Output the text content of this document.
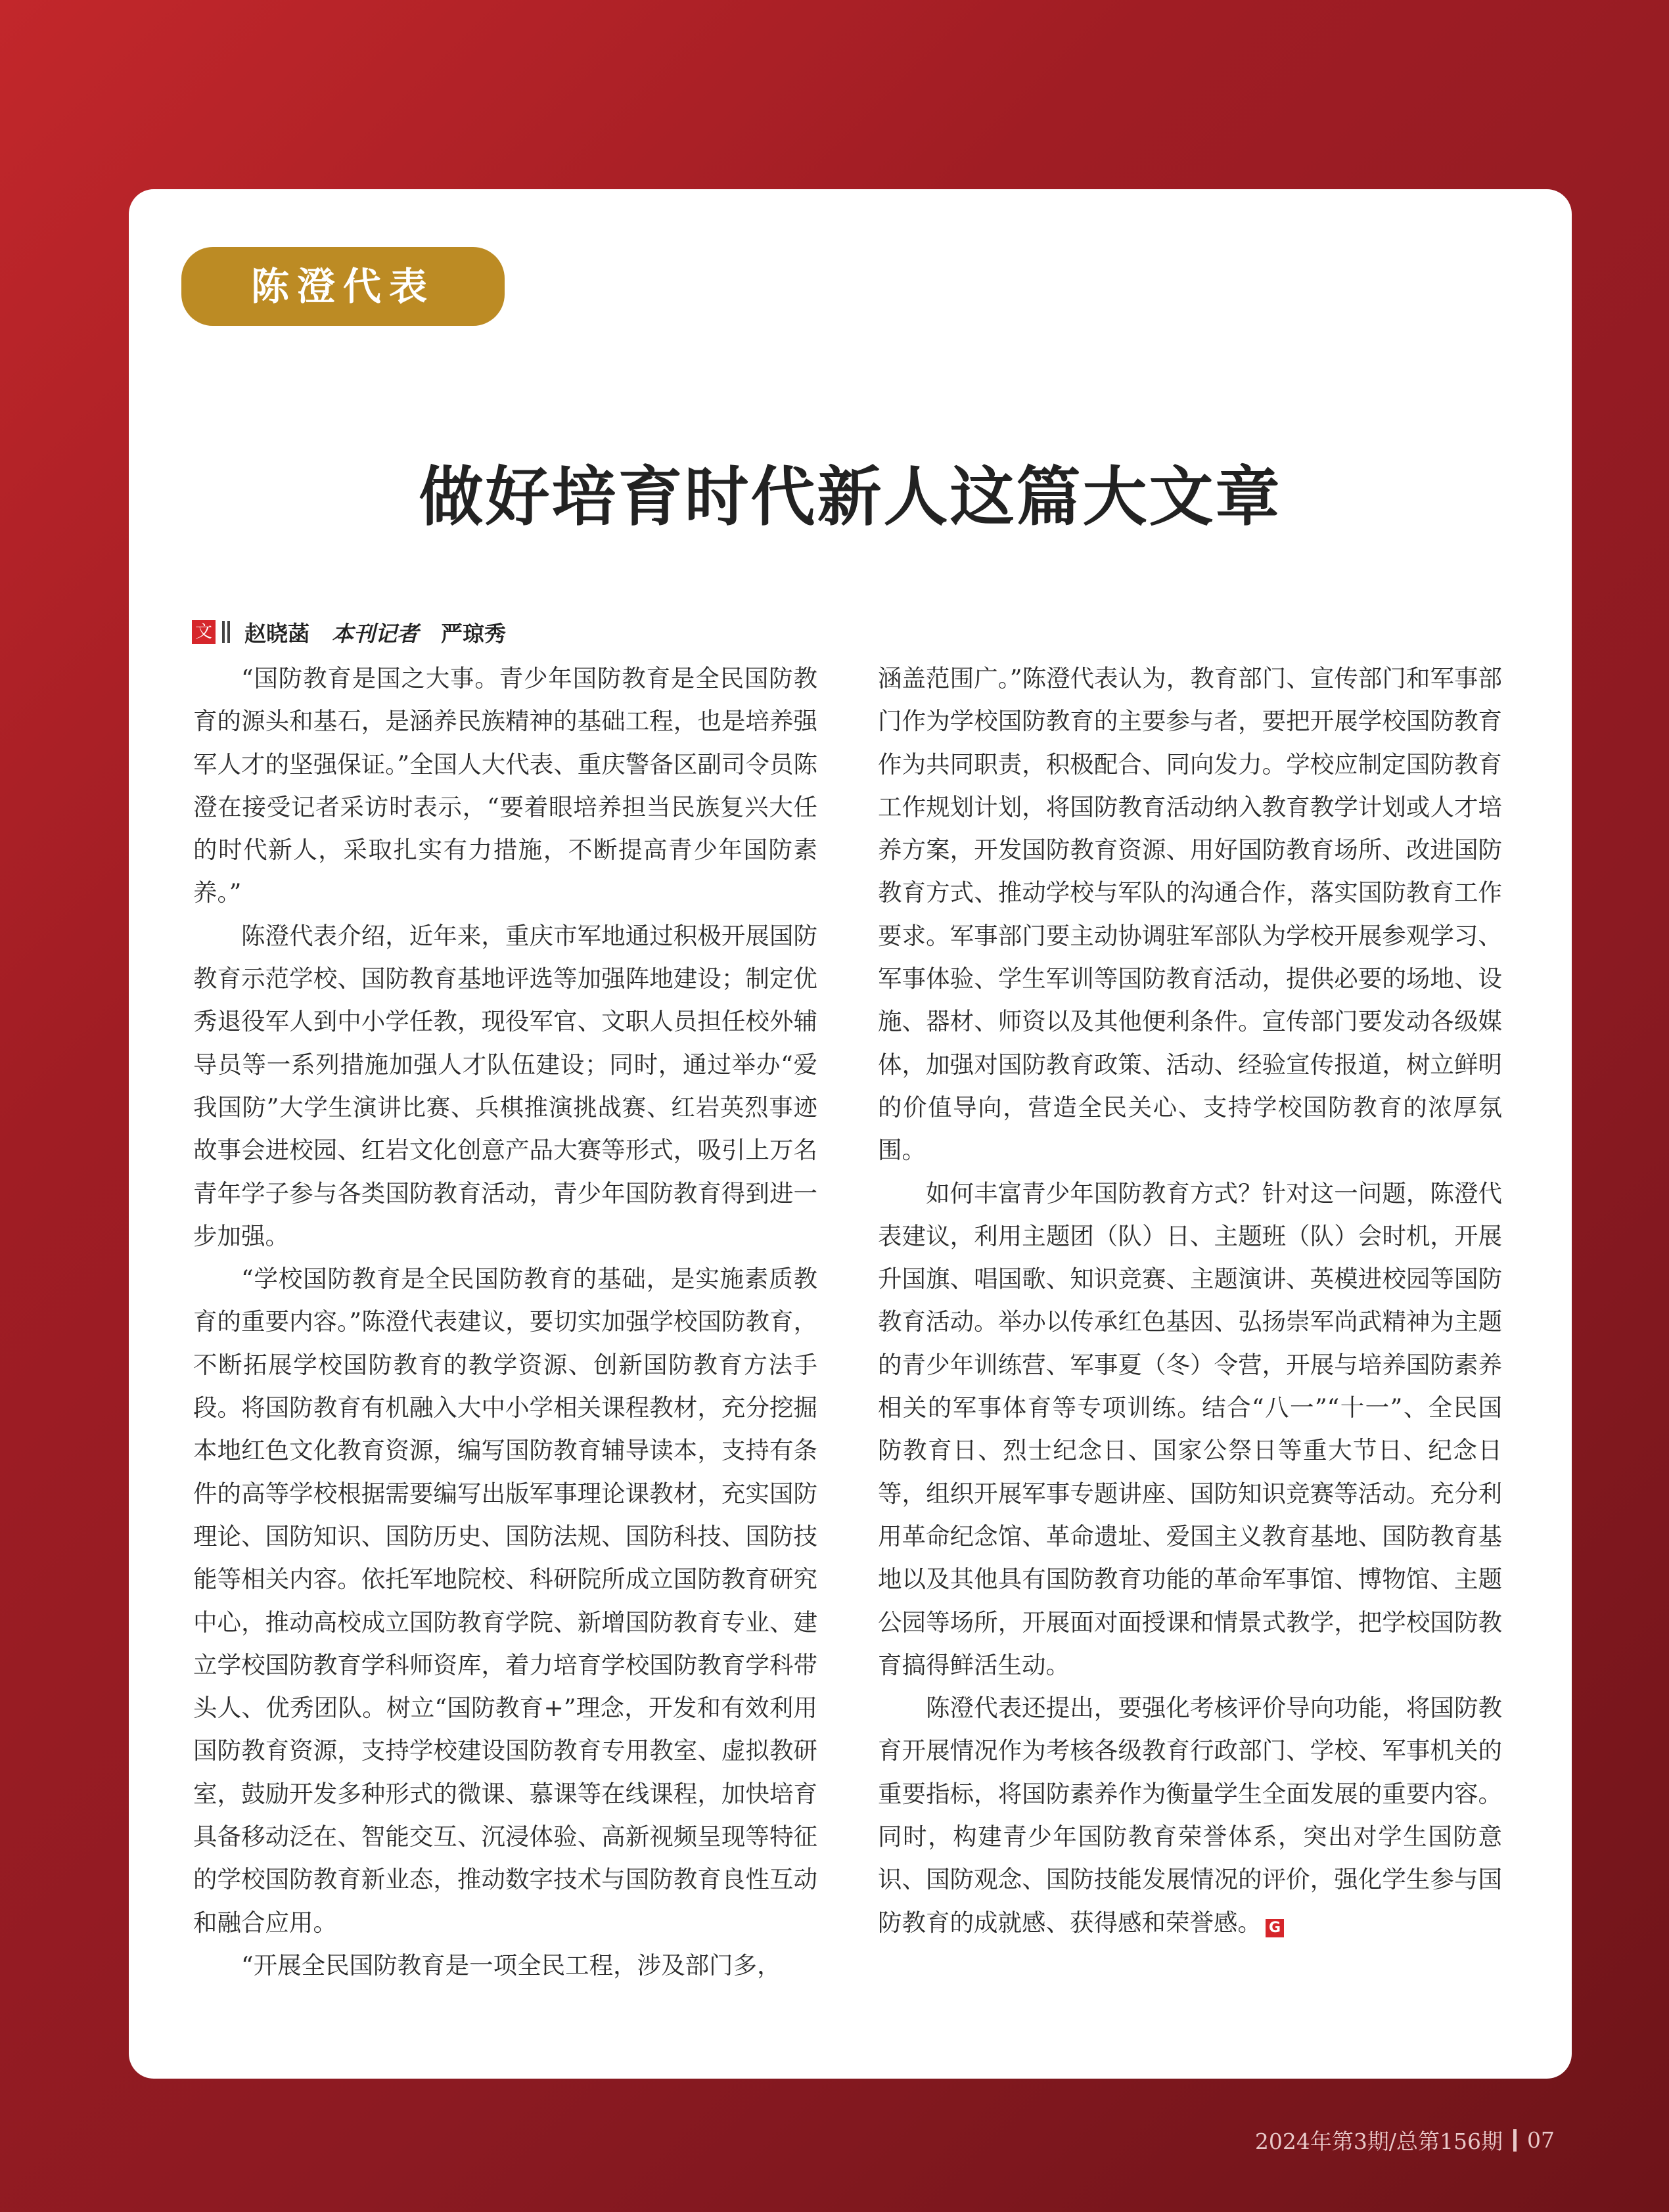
陈澄代表
做好培育时代新人这篇大文章
文 赵晓菡 本刊记者 严琼秀

“国防教育是国之大事。青少年国防教育是全民国防教育的源头和基石，是涵养民族精神的基础工程，也是培养强军人才的坚强保证。”全国人大代表、重庆警备区副司令员陈澄在接受记者采访时表示，“要着眼培养担当民族复兴大任的时代新人，采取扎实有力措施，不断提高青少年国防素养。”

陈澄代表介绍，近年来，重庆市军地通过积极开展国防教育示范学校、国防教育基地评选等加强阵地建设；制定优秀退役军人到中小学任教，现役军官、文职人员担任校外辅导员等一系列措施加强人才队伍建设；同时，通过举办“爱我国防”大学生演讲比赛、兵棋推演挑战赛、红岩英烈事迹故事会进校园、红岩文化创意产品大赛等形式，吸引上万名青年学子参与各类国防教育活动，青少年国防教育得到进一步加强。

“学校国防教育是全民国防教育的基础，是实施素质教育的重要内容。”陈澄代表建议，要切实加强学校国防教育，不断拓展学校国防教育的教学资源、创新国防教育方法手段。将国防教育有机融入大中小学相关课程教材，充分挖掘本地红色文化教育资源，编写国防教育辅导读本，支持有条件的高等学校根据需要编写出版军事理论课教材，充实国防理论、国防知识、国防历史、国防法规、国防科技、国防技能等相关内容。依托军地院校、科研院所成立国防教育研究中心，推动高校成立国防教育学院、新增国防教育专业、建立学校国防教育学科师资库，着力培育学校国防教育学科带头人、优秀团队。树立“国防教育+”理念，开发和有效利用国防教育资源，支持学校建设国防教育专用教室、虚拟教研室，鼓励开发多种形式的微课、慕课等在线课程，加快培育具备移动泛在、智能交互、沉浸体验、高新视频呈现等特征的学校国防教育新业态，推动数字技术与国防教育良性互动和融合应用。

“开展全民国防教育是一项全民工程，涉及部门多，

涵盖范围广。”陈澄代表认为，教育部门、宣传部门和军事部门作为学校国防教育的主要参与者，要把开展学校国防教育作为共同职责，积极配合、同向发力。学校应制定国防教育工作规划计划，将国防教育活动纳入教育教学计划或人才培养方案，开发国防教育资源、用好国防教育场所、改进国防教育方式、推动学校与军队的沟通合作，落实国防教育工作要求。军事部门要主动协调驻军部队为学校开展参观学习、军事体验、学生军训等国防教育活动，提供必要的场地、设施、器材、师资以及其他便利条件。宣传部门要发动各级媒体，加强对国防教育政策、活动、经验宣传报道，树立鲜明的价值导向，营造全民关心、支持学校国防教育的浓厚氛围。

如何丰富青少年国防教育方式？针对这一问题，陈澄代表建议，利用主题团（队）日、主题班（队）会时机，开展升国旗、唱国歌、知识竞赛、主题演讲、英模进校园等国防教育活动。举办以传承红色基因、弘扬崇军尚武精神为主题的青少年训练营、军事夏（冬）令营，开展与培养国防素养相关的军事体育等专项训练。结合“八一”“十一”、全民国防教育日、烈士纪念日、国家公祭日等重大节日、纪念日等，组织开展军事专题讲座、国防知识竞赛等活动。充分利用革命纪念馆、革命遗址、爱国主义教育基地、国防教育基地以及其他具有国防教育功能的革命军事馆、博物馆、主题公园等场所，开展面对面授课和情景式教学，把学校国防教育搞得鲜活生动。

陈澄代表还提出，要强化考核评价导向功能，将国防教育开展情况作为考核各级教育行政部门、学校、军事机关的重要指标，将国防素养作为衡量学生全面发展的重要内容。同时，构建青少年国防教育荣誉体系，突出对学生国防意识、国防观念、国防技能发展情况的评价，强化学生参与国防教育的成就感、获得感和荣誉感。 G

2024年第3期/总第156期 07
